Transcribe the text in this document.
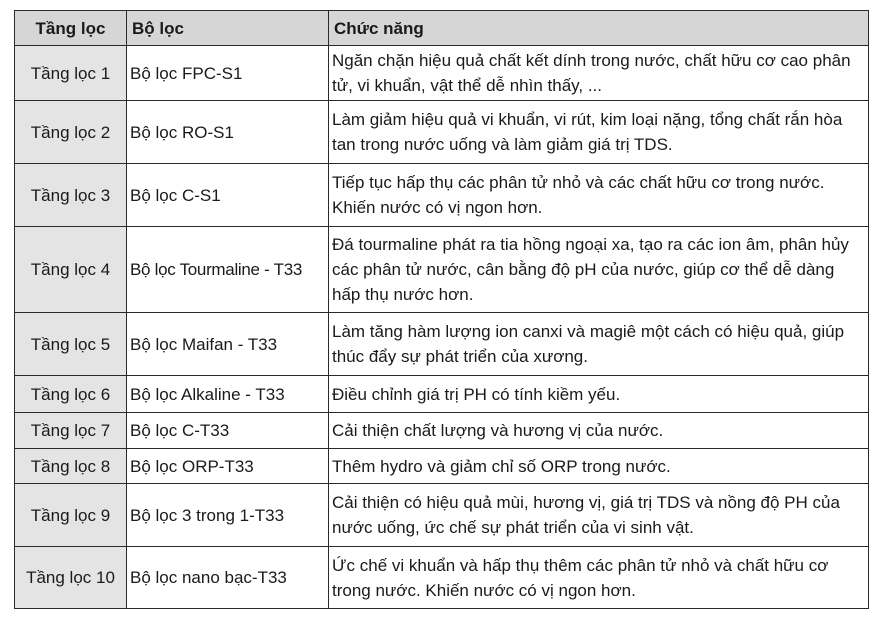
Tầng lọc	Bộ lọc	Chức năng
Tầng lọc 1	Bộ lọc FPC-S1	Ngăn chặn hiệu quả chất kết dính trong nước, chất hữu cơ cao phân tử, vi khuẩn, vật thể dễ nhìn thấy, ...
Tầng lọc 2	Bộ lọc RO-S1	Làm giảm hiệu quả vi khuẩn, vi rút, kim loại nặng, tổng chất rắn hòa tan trong nước uống và làm giảm giá trị TDS.
Tầng lọc 3	Bộ lọc C-S1	Tiếp tục hấp thụ các phân tử nhỏ và các chất hữu cơ trong nước. Khiến nước có vị ngon hơn.
Tầng lọc 4	Bộ lọc Tourmaline - T33	Đá tourmaline phát ra tia hồng ngoại xa, tạo ra các ion âm, phân hủy các phân tử nước, cân bằng độ pH của nước, giúp cơ thể dễ dàng hấp thụ nước hơn.
Tầng lọc 5	Bộ lọc Maifan - T33	Làm tăng hàm lượng ion canxi và magiê một cách có hiệu quả, giúp thúc đẩy sự phát triển của xương.
Tầng lọc 6	Bộ lọc Alkaline - T33	Điều chỉnh giá trị PH có tính kiềm yếu.
Tầng lọc 7	Bộ lọc C-T33	Cải thiện chất lượng và hương vị của nước.
Tầng lọc 8	Bộ lọc ORP-T33	Thêm hydro và giảm chỉ số ORP trong nước.
Tầng lọc 9	Bộ lọc 3 trong 1-T33	Cải thiện có hiệu quả mùi, hương vị, giá trị TDS và nồng độ PH của nước uống, ức chế sự phát triển của vi sinh vật.
Tầng lọc 10	Bộ lọc nano bạc-T33	Ức chế vi khuẩn và hấp thụ thêm các phân tử nhỏ và chất hữu cơ trong nước. Khiến nước có vị ngon hơn.
